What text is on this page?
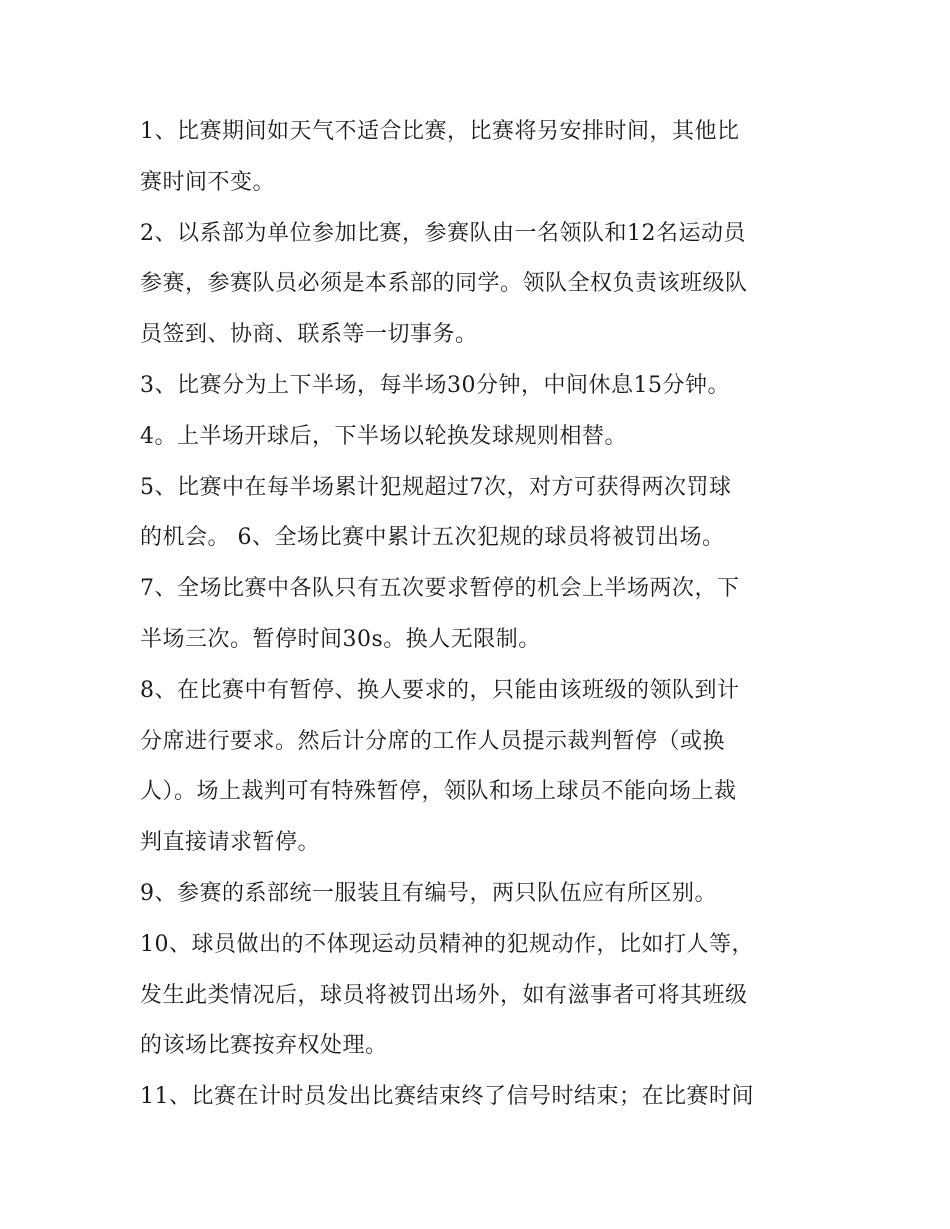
1、比赛期间如天气不适合比赛，比赛将另安排时间，其他比
赛时间不变。
2、以系部为单位参加比赛，参赛队由一名领队和12名运动员
参赛，参赛队员必须是本系部的同学。领队全权负责该班级队
员签到、协商、联系等一切事务。
3、比赛分为上下半场，每半场30分钟，中间休息15分钟。
4。上半场开球后，下半场以轮换发球规则相替。
5、比赛中在每半场累计犯规超过7次，对方可获得两次罚球
的机会。 6、全场比赛中累计五次犯规的球员将被罚出场。
7、全场比赛中各队只有五次要求暂停的机会上半场两次，下
半场三次。暂停时间30s。换人无限制。
8、在比赛中有暂停、换人要求的，只能由该班级的领队到计
分席进行要求。然后计分席的工作人员提示裁判暂停（或换
人）。场上裁判可有特殊暂停，领队和场上球员不能向场上裁
判直接请求暂停。
9、参赛的系部统一服装且有编号，两只队伍应有所区别。
10、球员做出的不体现运动员精神的犯规动作，比如打人等，
发生此类情况后，球员将被罚出场外，如有滋事者可将其班级
的该场比赛按弃权处理。
11、比赛在计时员发出比赛结束终了信号时结束；在比赛时间
